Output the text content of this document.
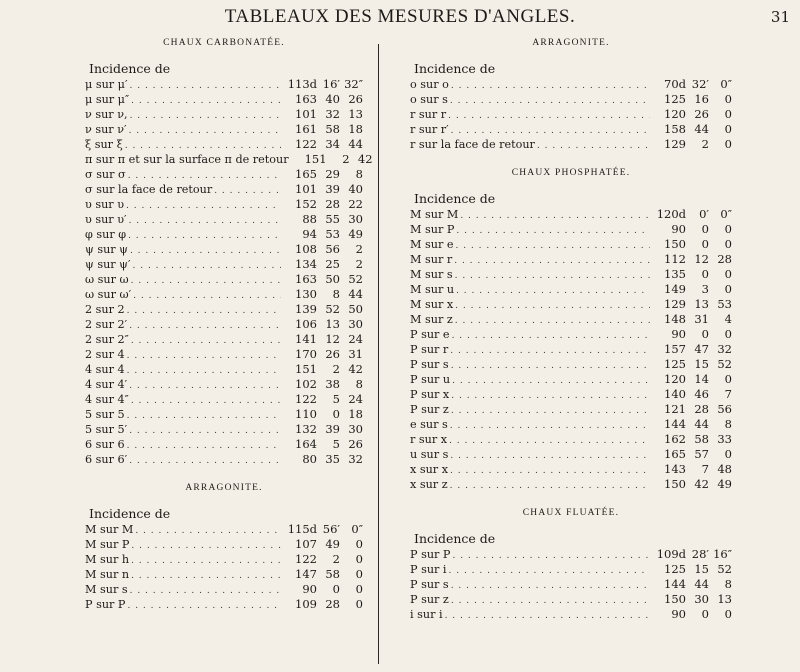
TABLEAUX DES MESURES D'ANGLES.	31
CHAUX CARBONATÉE.
Incidence de
μ sur μ′ . . .	113d 16′ 32″
μ sur μ″ . . .	163 40 26
ν sur ν, . . .	101 32 13
ν sur ν′ . . .	161 58 18
ξ sur ξ . . .	122 34 44
π sur π et sur la surface π de retour	151 2 42
σ sur σ . . .	165 29 8
σ sur la face de retour . . .	101 39 40
υ sur υ . . .	152 28 22
υ sur υ′ . . .	88 55 30
φ sur φ . . .	94 53 49
ψ sur ψ . . .	108 56 2
ψ sur ψ′ . . .	134 25 2
ω sur ω . . .	163 50 52
ω sur ω′ . . .	130 8 44
2 sur 2 . . .	139 52 50
2 sur 2′ . . .	106 13 30
2 sur 2″ . . .	141 12 24
2 sur 4 . . .	170 26 31
4 sur 4 . . .	151 2 42
4 sur 4′ . . .	102 38 8
4 sur 4″ . . .	122 5 24
5 sur 5 . . .	110 0 18
5 sur 5′ . . .	132 39 30
6 sur 6 . . .	164 5 26
6 sur 6′ . . .	80 35 32
ARRAGONITE.
Incidence de
M sur M . . .	115d 56′ 0″
M sur P . . .	107 49 0
M sur h . . .	122 2 0
M sur n . . .	147 58 0
M sur s . . .	90 0 0
P sur P . . .	109 28 0
ARRAGONITE.
Incidence de
o sur o . . .	70d 32′ 0″
o sur s . . .	125 16 0
r sur r . . .	120 26 0
r sur r′ . . .	158 44 0
r sur la face de retour . . .	129 2 0
CHAUX PHOSPHATÉE.
Incidence de
M sur M . . .	120d 0′ 0″
M sur P . . .	90 0 0
M sur e . . .	150 0 0
M sur r . . .	112 12 28
M sur s . . .	135 0 0
M sur u . . .	149 3 0
M sur x . . .	129 13 53
M sur z . . .	148 31 4
P sur e . . .	90 0 0
P sur r . . .	157 47 32
P sur s . . .	125 15 52
P sur u . . .	120 14 0
P sur x . . .	140 46 7
P sur z . . .	121 28 56
e sur s . . .	144 44 8
r sur x . . .	162 58 33
u sur s . . .	165 57 0
x sur x . . .	143 7 48
x sur z . . .	150 42 49
CHAUX FLUATÉE.
Incidence de
P sur P . . .	109d 28′ 16″
P sur i . . .	125 15 52
P sur s . . .	144 44 8
P sur z . . .	150 30 13
i sur i . . .	90 0 0
